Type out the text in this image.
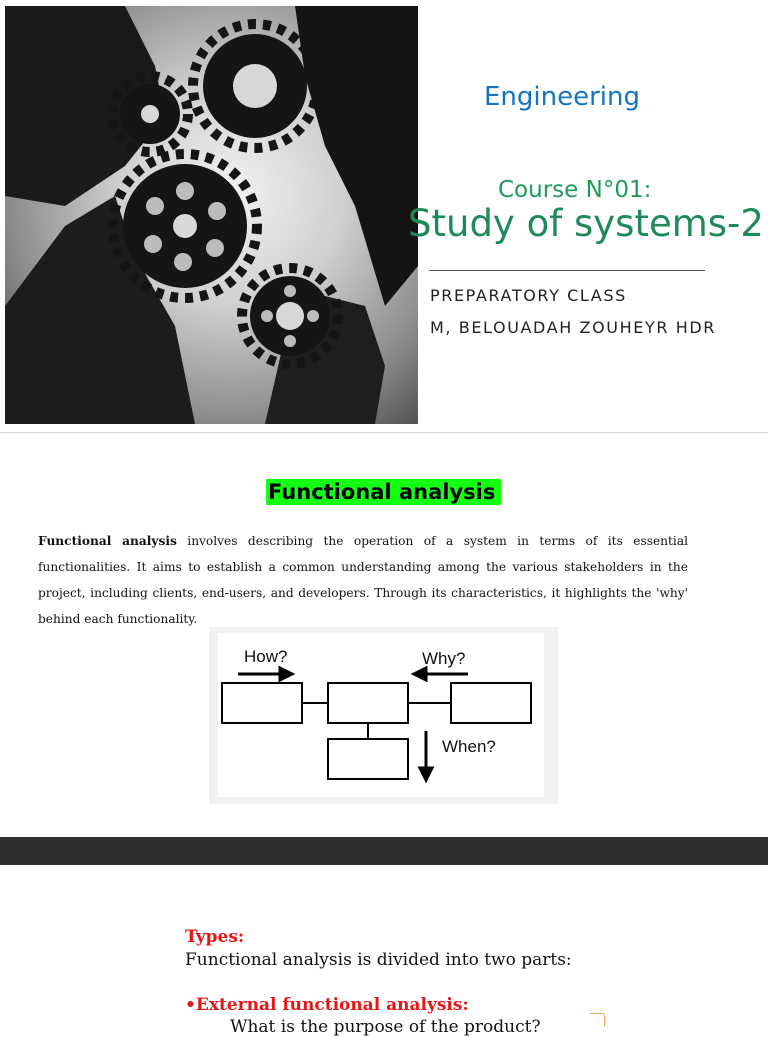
Engineering
Course N°01:
Study of systems-2
PREPARATORY CLASS
M, BELOUADAH ZOUHEYR HDR
Functional analysis
Functional analysis involves describing the operation of a system in terms of its essential functionalities. It aims to establish a common understanding among the various stakeholders in the project, including clients, end-users, and developers. Through its characteristics, it highlights the 'why' behind each functionality.
How?	Why?
When?
Types:
Functional analysis is divided into two parts:
•External functional analysis:
What is the purpose of the product?
